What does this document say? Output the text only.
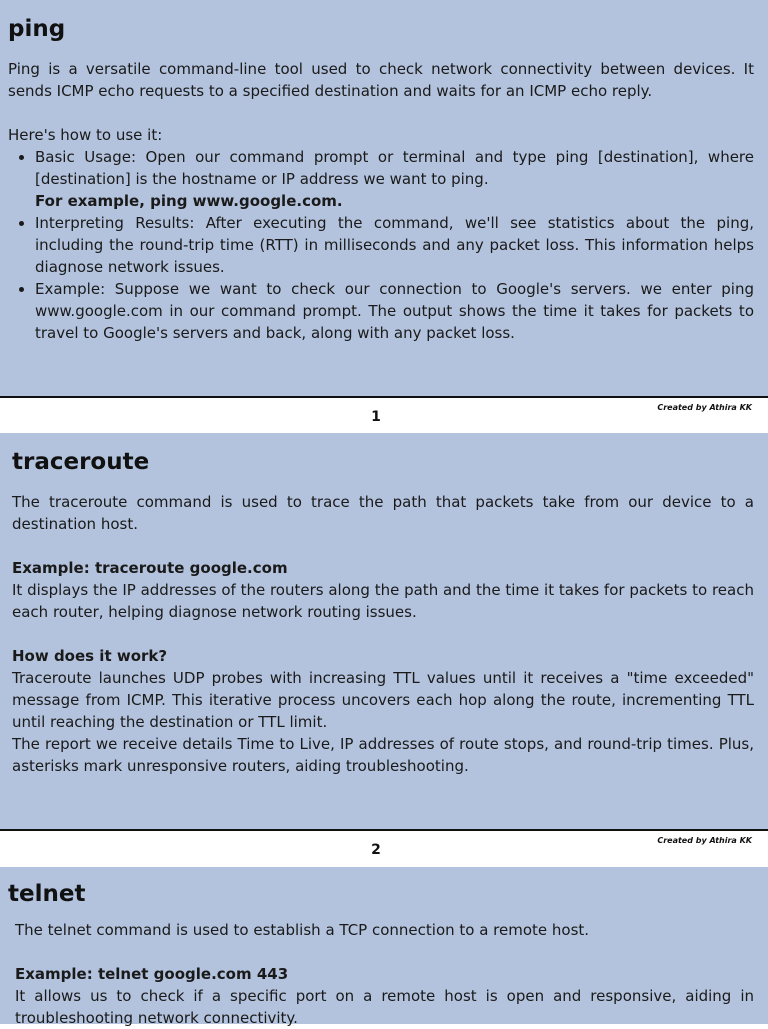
ping

Ping is a versatile command-line tool used to check network connectivity between devices. It sends ICMP echo requests to a specified destination and waits for an ICMP echo reply.

Here's how to use it:

• Basic Usage: Open our command prompt or terminal and type ping [destination], where [destination] is the hostname or IP address we want to ping.
For example, ping www.google.com.
• Interpreting Results: After executing the command, we'll see statistics about the ping, including the round-trip time (RTT) in milliseconds and any packet loss. This information helps diagnose network issues.
• Example: Suppose we want to check our connection to Google's servers. we enter ping www.google.com in our command prompt. The output shows the time it takes for packets to travel to Google's servers and back, along with any packet loss.
1
Created by Athira KK
traceroute

The traceroute command is used to trace the path that packets take from our device to a destination host.

Example: traceroute google.com

It displays the IP addresses of the routers along the path and the time it takes for packets to reach each router, helping diagnose network routing issues.

How does it work?

Traceroute launches UDP probes with increasing TTL values until it receives a "time exceeded" message from ICMP. This iterative process uncovers each hop along the route, incrementing TTL until reaching the destination or TTL limit.

The report we receive details Time to Live, IP addresses of route stops, and round-trip times. Plus, asterisks mark unresponsive routers, aiding troubleshooting.

2
Created by Athira KK
telnet

The telnet command is used to establish a TCP connection to a remote host.

Example: telnet google.com 443

It allows us to check if a specific port on a remote host is open and responsive, aiding in troubleshooting network connectivity.
